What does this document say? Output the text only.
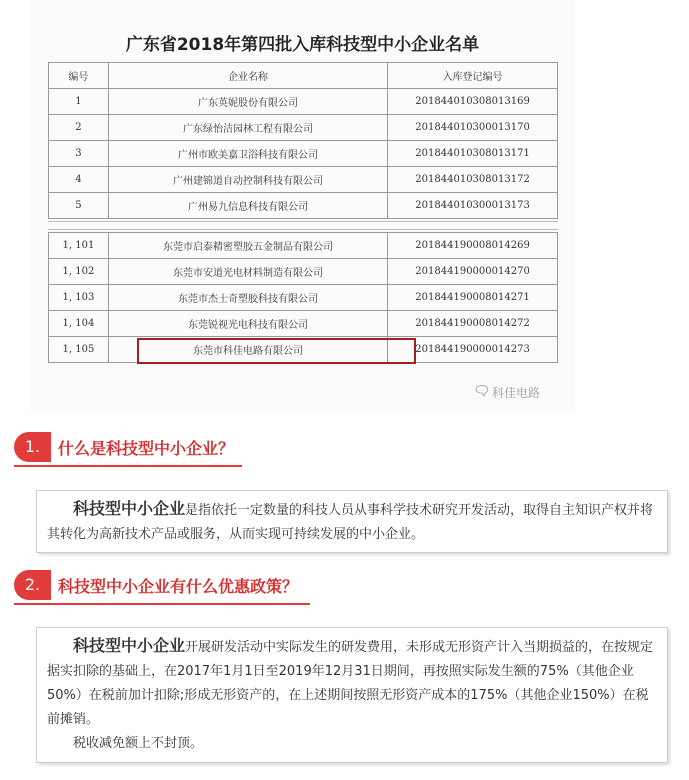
广东省2018年第四批入库科技型中小企业名单
编号	企业名称	入库登记编号
1	广东英妮股份有限公司	201844010308013169
2	广东绿怡洁园林工程有限公司	201844010300013170
3	广州市欧美嘉卫浴科技有限公司	201844010308013171
4	广州建锦道自动控制科技有限公司	201844010308013172
5	广州易九信息科技有限公司	201844010300013173
1, 101	东莞市启泰精密塑胶五金制品有限公司	201844190008014269
1, 102	东莞市安道光电材料制造有限公司	201844190000014270
1, 103	东莞市杰士奇塑胶科技有限公司	201844190008014271
1, 104	东莞锐视光电科技有限公司	201844190008014272
1, 105	东莞市科佳电路有限公司	201844190000014273
科佳电路
1.	什么是科技型中小企业？

科技型中小企业是指依托一定数量的科技人员从事科学技术研究开发活动，取得自主知识产权并将其转化为高新技术产品或服务，从而实现可持续发展的中小企业。

2.	科技型中小企业有什么优惠政策？

科技型中小企业开展研发活动中实际发生的研发费用，未形成无形资产计入当期损益的，在按规定据实扣除的基础上，在2017年1月1日至2019年12月31日期间，再按照实际发生额的75%（其他企业50%）在税前加计扣除;形成无形资产的，在上述期间按照无形资产成本的175%（其他企业150%）在税前摊销。

税收减免额上不封顶。
